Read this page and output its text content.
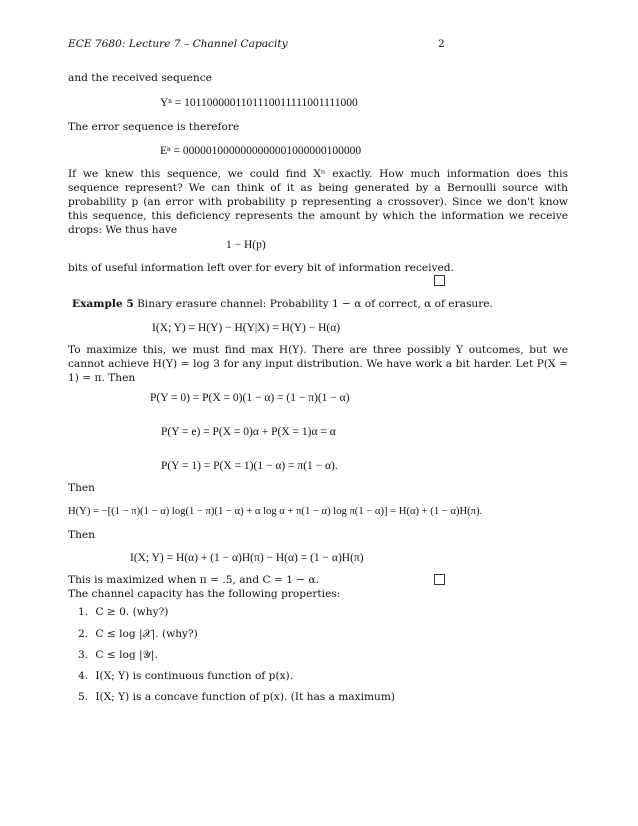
ECE 7680: Lecture 7 – Channel Capacity	2
and the received sequence
Yⁿ = 1011000001101110011111001111000
The error sequence is therefore
Eⁿ = 0000010000000000001000000100000
If we knew this sequence, we could find Xⁿ exactly. How much information does this sequence represent? We can think of it as being generated by a Bernoulli source with probability p (an error with probability p representing a crossover). Since we don't know this sequence, this deficiency represents the amount by which the information we receive drops: We thus have
1 − H(p)
bits of useful information left over for every bit of information received.
Example 5 Binary erasure channel: Probability 1 − α of correct, α of erasure.
I(X; Y) = H(Y) − H(Y|X) = H(Y) − H(α)
To maximize this, we must find max H(Y). There are three possibly Y outcomes, but we cannot achieve H(Y) = log 3 for any input distribution. We have work a bit harder. Let P(X = 1) = π. Then
P(Y = 0) = P(X = 0)(1 − α) = (1 − π)(1 − α)
P(Y = e) = P(X = 0)α + P(X = 1)α = α
P(Y = 1) = P(X = 1)(1 − α) = π(1 − α).
Then
H(Y) = −[(1 − π)(1 − α) log(1 − π)(1 − α) + α log α + π(1 − α) log π(1 − α)] = H(α) + (1 − α)H(π).
Then
I(X; Y) = H(α) + (1 − α)H(π) − H(α) = (1 − α)H(π)
This is maximized when π = .5, and C = 1 − α.
The channel capacity has the following properties:
1. C ≥ 0. (why?)
2. C ≤ log |𝒳|. (why?)
3. C ≤ log |𝒴|.
4. I(X; Y) is continuous function of p(x).
5. I(X; Y) is a concave function of p(x). (It has a maximum)
